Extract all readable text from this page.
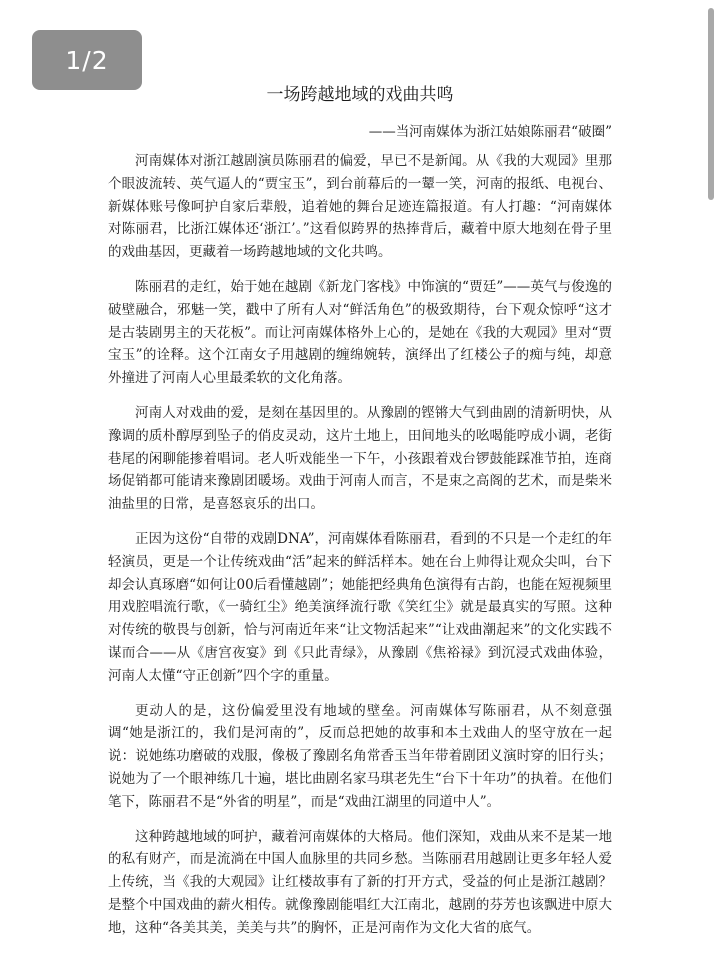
1/2
一场跨越地域的戏曲共鸣

——当河南媒体为浙江姑娘陈丽君“破圈”

河南媒体对浙江越剧演员陈丽君的偏爱，早已不是新闻。从《我的大观园》里那个眼波流转、英气逼人的“贾宝玉”，到台前幕后的一颦一笑，河南的报纸、电视台、新媒体账号像呵护自家后辈般，追着她的舞台足迹连篇报道。有人打趣：“河南媒体对陈丽君，比浙江媒体还‘浙江’。”这看似跨界的热捧背后，藏着中原大地刻在骨子里的戏曲基因，更藏着一场跨越地域的文化共鸣。

陈丽君的走红，始于她在越剧《新龙门客栈》中饰演的“贾廷”——英气与俊逸的破壁融合，邪魅一笑，戳中了所有人对“鲜活角色”的极致期待，台下观众惊呼“这才是古装剧男主的天花板”。而让河南媒体格外上心的，是她在《我的大观园》里对“贾宝玉”的诠释。这个江南女子用越剧的缠绵婉转，演绎出了红楼公子的痴与纯，却意外撞进了河南人心里最柔软的文化角落。

河南人对戏曲的爱，是刻在基因里的。从豫剧的铿锵大气到曲剧的清新明快，从豫调的质朴醇厚到坠子的俏皮灵动，这片土地上，田间地头的吆喝能哼成小调，老街巷尾的闲聊能掺着唱词。老人听戏能坐一下午，小孩跟着戏台锣鼓能踩准节拍，连商场促销都可能请来豫剧团暖场。戏曲于河南人而言，不是束之高阁的艺术，而是柴米油盐里的日常，是喜怒哀乐的出口。

正因为这份“自带的戏剧DNA”，河南媒体看陈丽君，看到的不只是一个走红的年轻演员，更是一个让传统戏曲“活”起来的鲜活样本。她在台上帅得让观众尖叫，台下却会认真琢磨“如何让00后看懂越剧”；她能把经典角色演得有古韵，也能在短视频里用戏腔唱流行歌，《一骑红尘》绝美演绎流行歌《笑红尘》就是最真实的写照。这种对传统的敬畏与创新，恰与河南近年来“让文物活起来”“让戏曲潮起来”的文化实践不谋而合——从《唐宫夜宴》到《只此青绿》，从豫剧《焦裕禄》到沉浸式戏曲体验，河南人太懂“守正创新”四个字的重量。

更动人的是，这份偏爱里没有地域的壁垒。河南媒体写陈丽君，从不刻意强调“她是浙江的，我们是河南的”，反而总把她的故事和本土戏曲人的坚守放在一起说：说她练功磨破的戏服，像极了豫剧名角常香玉当年带着剧团义演时穿的旧行头；说她为了一个眼神练几十遍，堪比曲剧名家马琪老先生“台下十年功”的执着。在他们笔下，陈丽君不是“外省的明星”，而是“戏曲江湖里的同道中人”。

这种跨越地域的呵护，藏着河南媒体的大格局。他们深知，戏曲从来不是某一地的私有财产，而是流淌在中国人血脉里的共同乡愁。当陈丽君用越剧让更多年轻人爱上传统，当《我的大观园》让红楼故事有了新的打开方式，受益的何止是浙江越剧？是整个中国戏曲的薪火相传。就像豫剧能唱红大江南北，越剧的芬芳也该飘进中原大地，这种“各美其美，美美与共”的胸怀，正是河南作为文化大省的底气。
